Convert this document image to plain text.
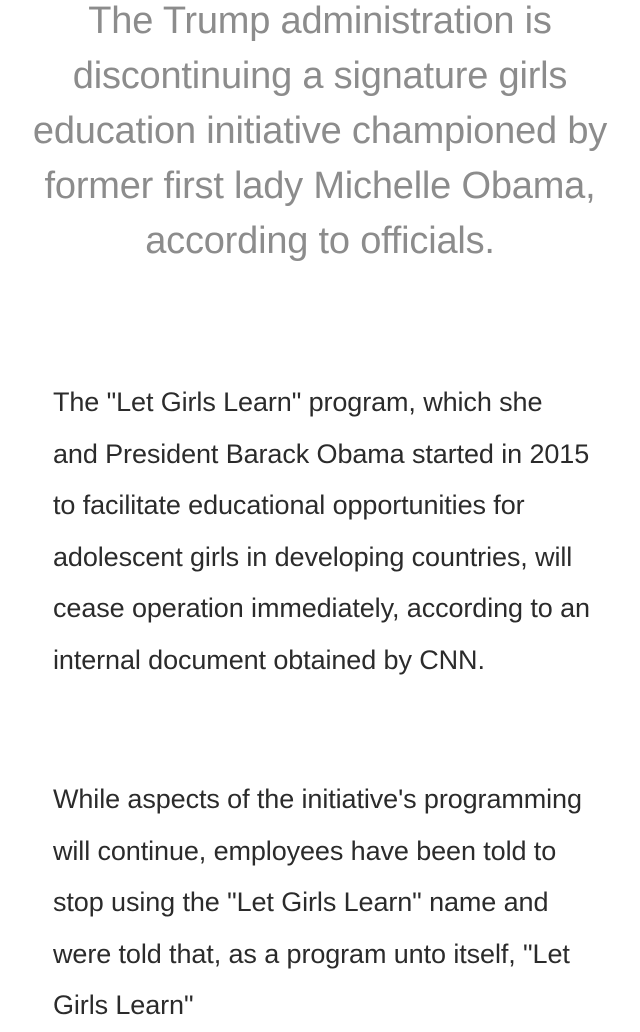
The Trump administration is discontinuing a signature girls education initiative championed by former first lady Michelle Obama, according to officials.

The "Let Girls Learn" program, which she and President Barack Obama started in 2015 to facilitate educational opportunities for adolescent girls in developing countries, will cease operation immediately, according to an internal document obtained by CNN.

While aspects of the initiative's programming will continue, employees have been told to stop using the "Let Girls Learn" name and were told that, as a program unto itself, "Let Girls Learn"
